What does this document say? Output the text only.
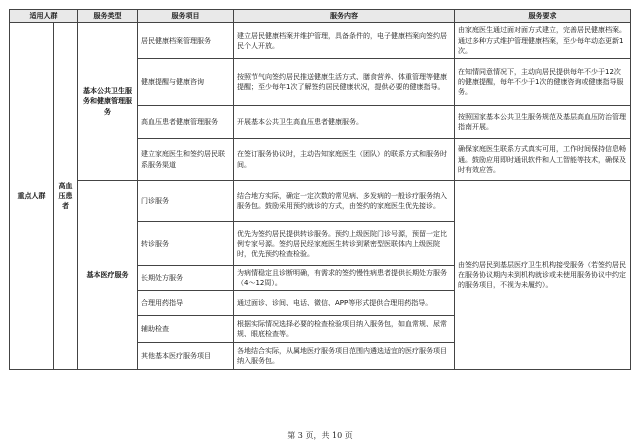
适用人群		服务类型	服务项目	服务内容	服务要求
重点人群	高血压患者	基本公共卫生服务和健康管理服务	居民健康档案管理服务	建立居民健康档案并维护管理，具备条件的，电子健康档案向签约居民个人开放。	由家庭医生通过面对面方式建立，完善居民健康档案。通过多种方式维护管理健康档案，至少每年动态更新1次。
			健康提醒与健康咨询	按照节气向签约居民推送健康生活方式、膳食营养、体重管理等健康提醒；至少每年1次了解签约居民健康状况，提供必要的健康指导。	在知情同意情况下，主动向居民提供每年不少于12次的健康提醒，每年不少于1次的健康咨询或健康指导服务。
			高血压患者健康管理服务	开展基本公共卫生高血压患者健康服务。	按照国家基本公共卫生服务规范及基层高血压防治管理指南开展。
			建立家庭医生和签约居民联系服务渠道	在签订服务协议时，主动告知家庭医生（团队）的联系方式和服务时间。	确保家庭医生联系方式真实可用，工作时间保持信息畅通。鼓励应用即时通讯软件和人工智能等技术，确保及时有效应答。
		基本医疗服务	门诊服务	结合地方实际，确定一定次数的常见病、多发病的一般诊疗服务纳入服务包。鼓励采用预约就诊的方式，由签约的家庭医生优先接诊。	由签约居民到基层医疗卫生机构接受服务（若签约居民在服务协议期内未到机构就诊或未使用服务协议中约定的服务项目，不视为未履约）。
			转诊服务	优先为签约居民提供转诊服务。预约上级医院门诊号源，预留一定比例专家号源。签约居民经家庭医生转诊到紧密型医联体内上级医院时，优先预约检查检验。	
			长期处方服务	为病情稳定且诊断明确，有需求的签约慢性病患者提供长期处方服务（4～12周）。	
			合理用药指导	通过面诊、诊间、电话、微信、APP等形式提供合理用药指导。	
			辅助检查	根据实际情况选择必要的检查检验项目纳入服务包，如血常规、尿常规、眼底检查等。	
			其他基本医疗服务项目	各地结合实际，从属地医疗服务项目范围内遴选适宜的医疗服务项目纳入服务包。	
第 3 页，共 10 页
